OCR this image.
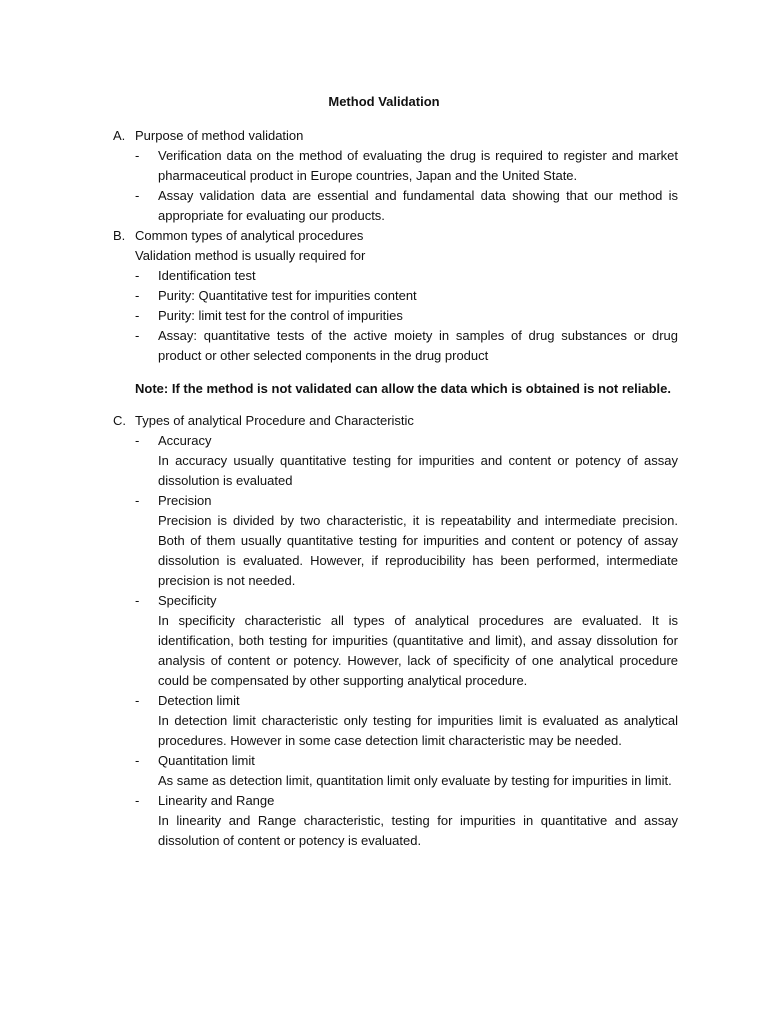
Method Validation
A. Purpose of method validation
-	Verification data on the method of evaluating the drug is required to register and market pharmaceutical product in Europe countries, Japan and the United State.
-	Assay validation data are essential and fundamental data showing that our method is appropriate for evaluating our products.
B. Common types of analytical procedures
Validation method is usually required for
-	Identification test
-	Purity: Quantitative test for impurities content
-	Purity: limit test for the control of impurities
-	Assay: quantitative tests of the active moiety in samples of drug substances or drug product or other selected components in the drug product
Note: If the method is not validated can allow the data which is obtained is not reliable.
C. Types of analytical Procedure and Characteristic
-	Accuracy
In accuracy usually quantitative testing for impurities and content or potency of assay dissolution is evaluated
-	Precision
Precision is divided by two characteristic, it is repeatability and intermediate precision. Both of them usually quantitative testing for impurities and content or potency of assay dissolution is evaluated. However, if reproducibility has been performed, intermediate precision is not needed.
-	Specificity
In specificity characteristic all types of analytical procedures are evaluated. It is identification, both testing for impurities (quantitative and limit), and assay dissolution for analysis of content or potency. However, lack of specificity of one analytical procedure could be compensated by other supporting analytical procedure.
-	Detection limit
In detection limit characteristic only testing for impurities limit is evaluated as analytical procedures. However in some case detection limit characteristic may be needed.
-	Quantitation limit
As same as detection limit, quantitation limit only evaluate by testing for impurities in limit.
-	Linearity and Range
In linearity and Range characteristic, testing for impurities in quantitative and assay dissolution of content or potency is evaluated.
